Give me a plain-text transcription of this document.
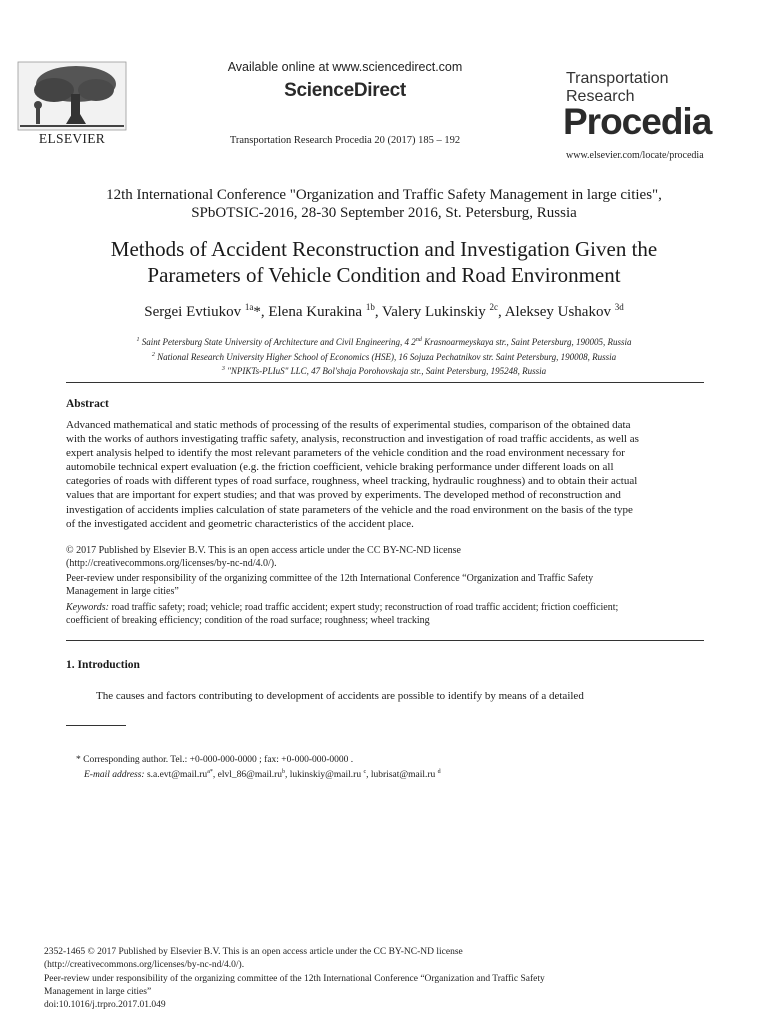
ELSEVIER
Available online at www.sciencedirect.com
ScienceDirect
Transportation Research Procedia 20 (2017) 185 – 192
Transportation
Research
Procedia
www.elsevier.com/locate/procedia
12th International Conference "Organization and Traffic Safety Management in large cities",
SPbOTSIC-2016, 28-30 September 2016, St. Petersburg, Russia
Methods of Accident Reconstruction and Investigation Given the
Parameters of Vehicle Condition and Road Environment
Sergei Evtiukov $^{1a}$*, Elena Kurakina $^{1b}$, Valery Lukinskiy $^{2c}$, Aleksey Ushakov $^{3d}$
$^1$ Saint Petersburg State University of Architecture and Civil Engineering, 4 2nd Krasnoarmeyskaya str., Saint Petersburg, 190005, Russia
$^2$ National Research University Higher School of Economics (HSE), 16 Sojuza Pechatnikov str. Saint Petersburg, 190008, Russia
$^3$ "NPIKTs-PLIuS" LLC, 47 Bol'shaja Porohovskaja str., Saint Petersburg, 195248, Russia
Abstract
Advanced mathematical and static methods of processing of the results of experimental studies, comparison of the obtained data
with the works of authors investigating traffic safety, analysis, reconstruction and investigation of road traffic accidents, as well as
expert analysis helped to identify the most relevant parameters of the vehicle condition and the road environment necessary for
automobile technical expert evaluation (e.g. the friction coefficient, vehicle braking performance under different loads on all
categories of roads with different types of road surface, roughness, wheel tracking, hydraulic roughness) and to obtain their actual
values that are important for expert studies; and that was proved by experiments. The developed method of reconstruction and
investigation of accidents implies calculation of state parameters of the vehicle and the road environment on the basis of the type
of the investigated accident and geometric characteristics of the accident place.
© 2017 Published by Elsevier B.V. This is an open access article under the CC BY-NC-ND license
(http://creativecommons.org/licenses/by-nc-nd/4.0/).
Peer-review under responsibility of the organizing committee of the 12th International Conference “Organization and Traffic Safety
Management in large cities”
Keywords: road traffic safety; road; vehicle; road traffic accident; expert study; reconstruction of road traffic accident; friction coefficient;
coefficient of breaking efficiency; condition of the road surface; roughness; wheel tracking
1. Introduction
The causes and factors contributing to development of accidents are possible to identify by means of a detailed
* Corresponding author. Tel.: +0-000-000-0000 ; fax: +0-000-000-0000 .
E-mail address: $s.a.evt@mail.ru^{a*}$, $elvl\_86@mail.ru^b$, lukinskiy@mail.ru $^c$, lubrisat@mail.ru $^d$
2352-1465 © 2017 Published by Elsevier B.V. This is an open access article under the CC BY-NC-ND license
(http://creativecommons.org/licenses/by-nc-nd/4.0/).
Peer-review under responsibility of the organizing committee of the 12th International Conference “Organization and Traffic Safety
Management in large cities”
doi:10.1016/j.trpro.2017.01.049
